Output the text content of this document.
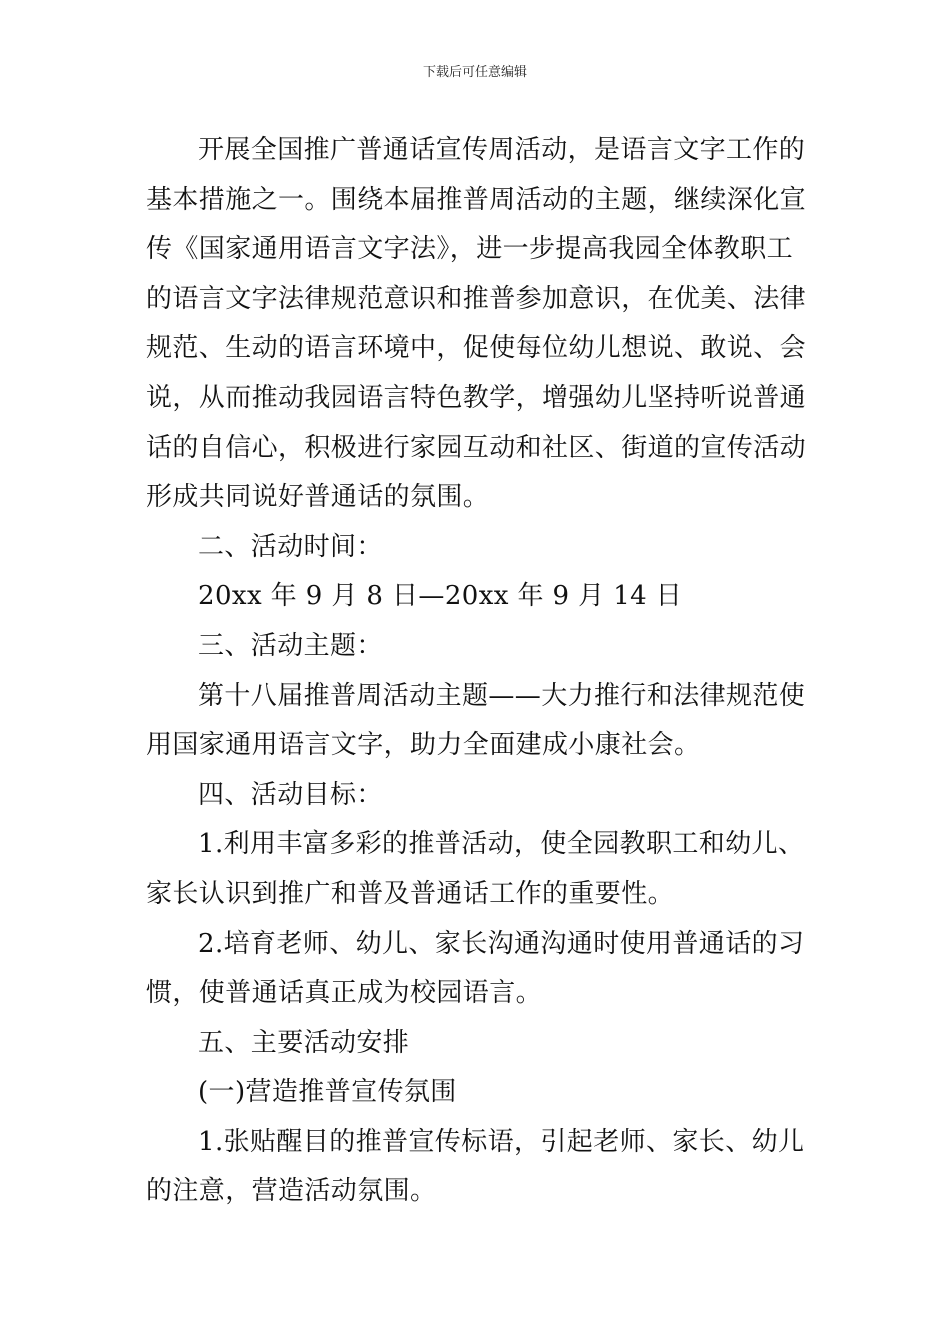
下载后可任意编辑
开展全国推广普通话宣传周活动，是语言文字工作的
基本措施之一。围绕本届推普周活动的主题，继续深化宣
传《国家通用语言文字法》，进一步提高我园全体教职工
的语言文字法律规范意识和推普参加意识，在优美、法律
规范、生动的语言环境中，促使每位幼儿想说、敢说、会
说，从而推动我园语言特色教学，增强幼儿坚持听说普通
话的自信心，积极进行家园互动和社区、街道的宣传活动
形成共同说好普通话的氛围。
二、活动时间：
20xx 年 9 月 8 日—20xx 年 9 月 14 日
三、活动主题：
第十八届推普周活动主题——大力推行和法律规范使
用国家通用语言文字，助力全面建成小康社会。
四、活动目标：
1.利用丰富多彩的推普活动，使全园教职工和幼儿、
家长认识到推广和普及普通话工作的重要性。
2.培育老师、幼儿、家长沟通沟通时使用普通话的习
惯，使普通话真正成为校园语言。
五、主要活动安排
(一)营造推普宣传氛围
1.张贴醒目的推普宣传标语，引起老师、家长、幼儿
的注意，营造活动氛围。
